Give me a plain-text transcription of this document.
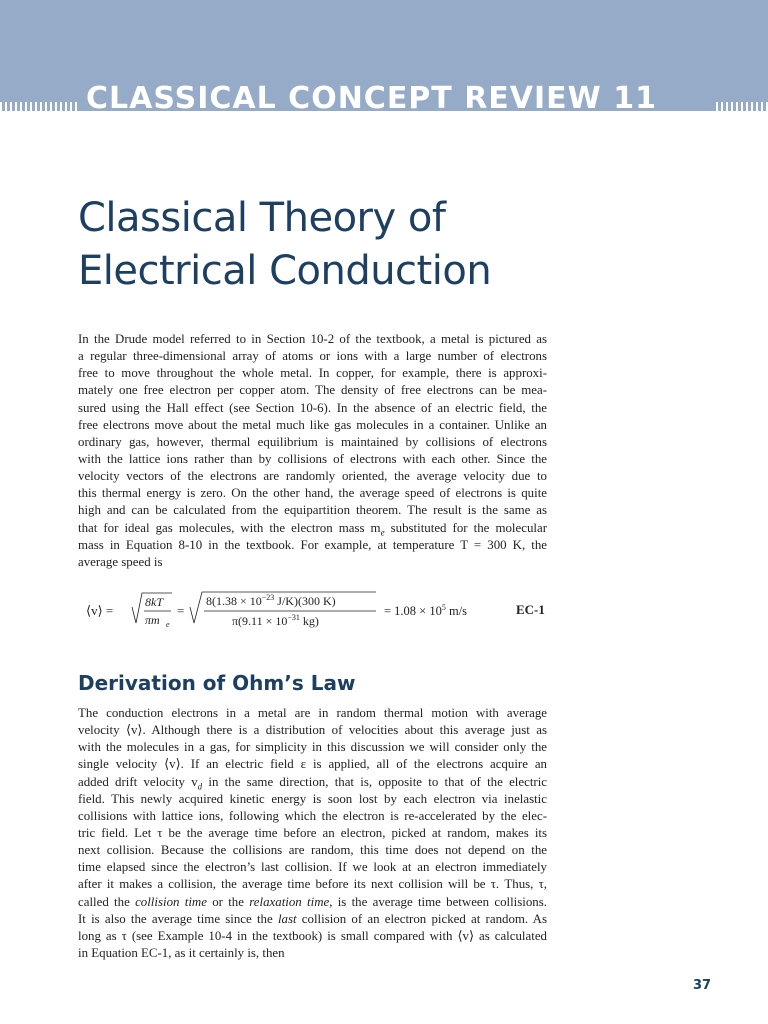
CLASSICAL CONCEPT REVIEW 11
Classical Theory of
Electrical Conduction
In the Drude model referred to in Section 10-2 of the textbook, a metal is pictured as
a regular three-dimensional array of atoms or ions with a large number of electrons
free to move throughout the whole metal. In copper, for example, there is approxi-
mately one free electron per copper atom. The density of free electrons can be mea-
sured using the Hall effect (see Section 10-6). In the absence of an electric field, the
free electrons move about the metal much like gas molecules in a container. Unlike an
ordinary gas, however, thermal equilibrium is maintained by collisions of electrons
with the lattice ions rather than by collisions of electrons with each other. Since the
velocity vectors of the electrons are randomly oriented, the average velocity due to
this thermal energy is zero. On the other hand, the average speed of electrons is quite
high and can be calculated from the equipartition theorem. The result is the same as
that for ideal gas molecules, with the electron mass $m_e$ substituted for the molecular
mass in Equation 8-10 in the textbook. For example, at temperature T = 300 K, the
average speed is
⟨v⟩ =
8kT
πm e
=
$8(1.38 \times 10^{-23}$ J/K)(300 K)
$\pi(9.11 \times 10^{-31}$ kg)
= $1.08 \times 10^5$ m/s	EC-1
Derivation of Ohm’s Law
The conduction electrons in a metal are in random thermal motion with average
velocity ⟨v⟩. Although there is a distribution of velocities about this average just as
with the molecules in a gas, for simplicity in this discussion we will consider only the
single velocity ⟨v⟩. If an electric field ε is applied, all of the electrons acquire an
added drift velocity $v_d$ in the same direction, that is, opposite to that of the electric
field. This newly acquired kinetic energy is soon lost by each electron via inelastic
collisions with lattice ions, following which the electron is re-accelerated by the elec-
tric field. Let τ be the average time before an electron, picked at random, makes its
next collision. Because the collisions are random, this time does not depend on the
time elapsed since the electron’s last collision. If we look at an electron immediately
after it makes a collision, the average time before its next collision will be τ. Thus, τ,
called the collision time or the relaxation time, is the average time between collisions.
It is also the average time since the last collision of an electron picked at random. As
long as τ (see Example 10-4 in the textbook) is small compared with ⟨v⟩ as calculated
in Equation EC-1, as it certainly is, then
37
